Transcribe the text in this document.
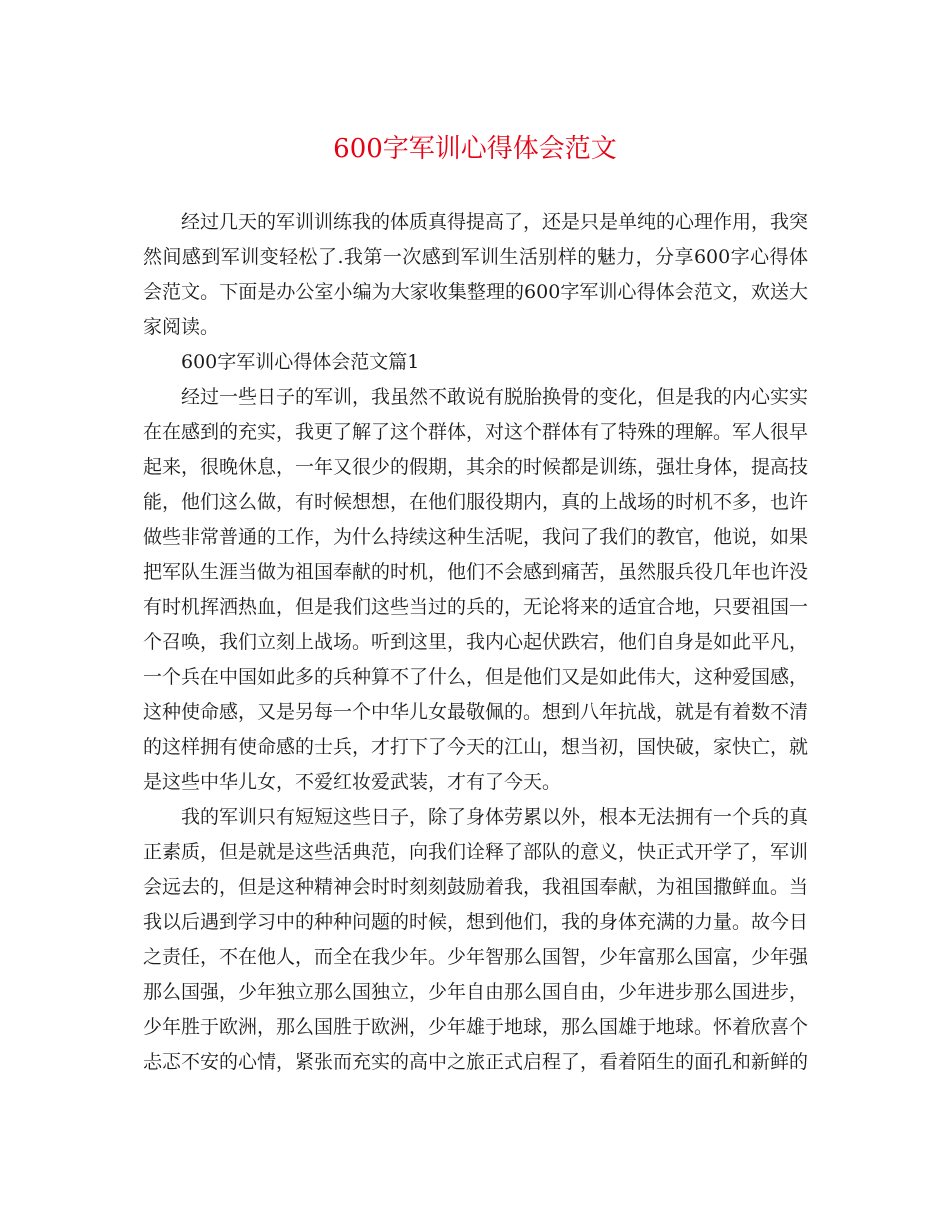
600字军训心得体会范文

经过几天的军训训练我的体质真得提高了，还是只是单纯的心理作用，我突然间感到军训变轻松了.我第一次感到军训生活别样的魅力，分享600字心得体会范文。下面是办公室小编为大家收集整理的600字军训心得体会范文，欢送大家阅读。

600字军训心得体会范文篇1

经过一些日子的军训，我虽然不敢说有脱胎换骨的变化，但是我的内心实实在在感到的充实，我更了解了这个群体，对这个群体有了特殊的理解。军人很早起来，很晚休息，一年又很少的假期，其余的时候都是训练，强壮身体，提高技能，他们这么做，有时候想想，在他们服役期内，真的上战场的时机不多，也许做些非常普通的工作，为什么持续这种生活呢，我问了我们的教官，他说，如果把军队生涯当做为祖国奉献的时机，他们不会感到痛苦，虽然服兵役几年也许没有时机挥洒热血，但是我们这些当过的兵的，无论将来的适宜合地，只要祖国一个召唤，我们立刻上战场。听到这里，我内心起伏跌宕，他们自身是如此平凡，一个兵在中国如此多的兵种算不了什么，但是他们又是如此伟大，这种爱国感，这种使命感，又是另每一个中华儿女最敬佩的。想到八年抗战，就是有着数不清的这样拥有使命感的士兵，才打下了今天的江山，想当初，国快破，家快亡，就是这些中华儿女，不爱红妆爱武装，才有了今天。

我的军训只有短短这些日子，除了身体劳累以外，根本无法拥有一个兵的真正素质，但是就是这些活典范，向我们诠释了部队的意义，快正式开学了，军训会远去的，但是这种精神会时时刻刻鼓励着我，我祖国奉献，为祖国撒鲜血。当我以后遇到学习中的种种问题的时候，想到他们，我的身体充满的力量。故今日之责任，不在他人，而全在我少年。少年智那么国智，少年富那么国富，少年强那么国强，少年独立那么国独立，少年自由那么国自由，少年进步那么国进步，少年胜于欧洲，那么国胜于欧洲，少年雄于地球，那么国雄于地球。怀着欣喜个忐忑不安的心情，紧张而充实的高中之旅正式启程了，看着陌生的面孔和新鲜的
